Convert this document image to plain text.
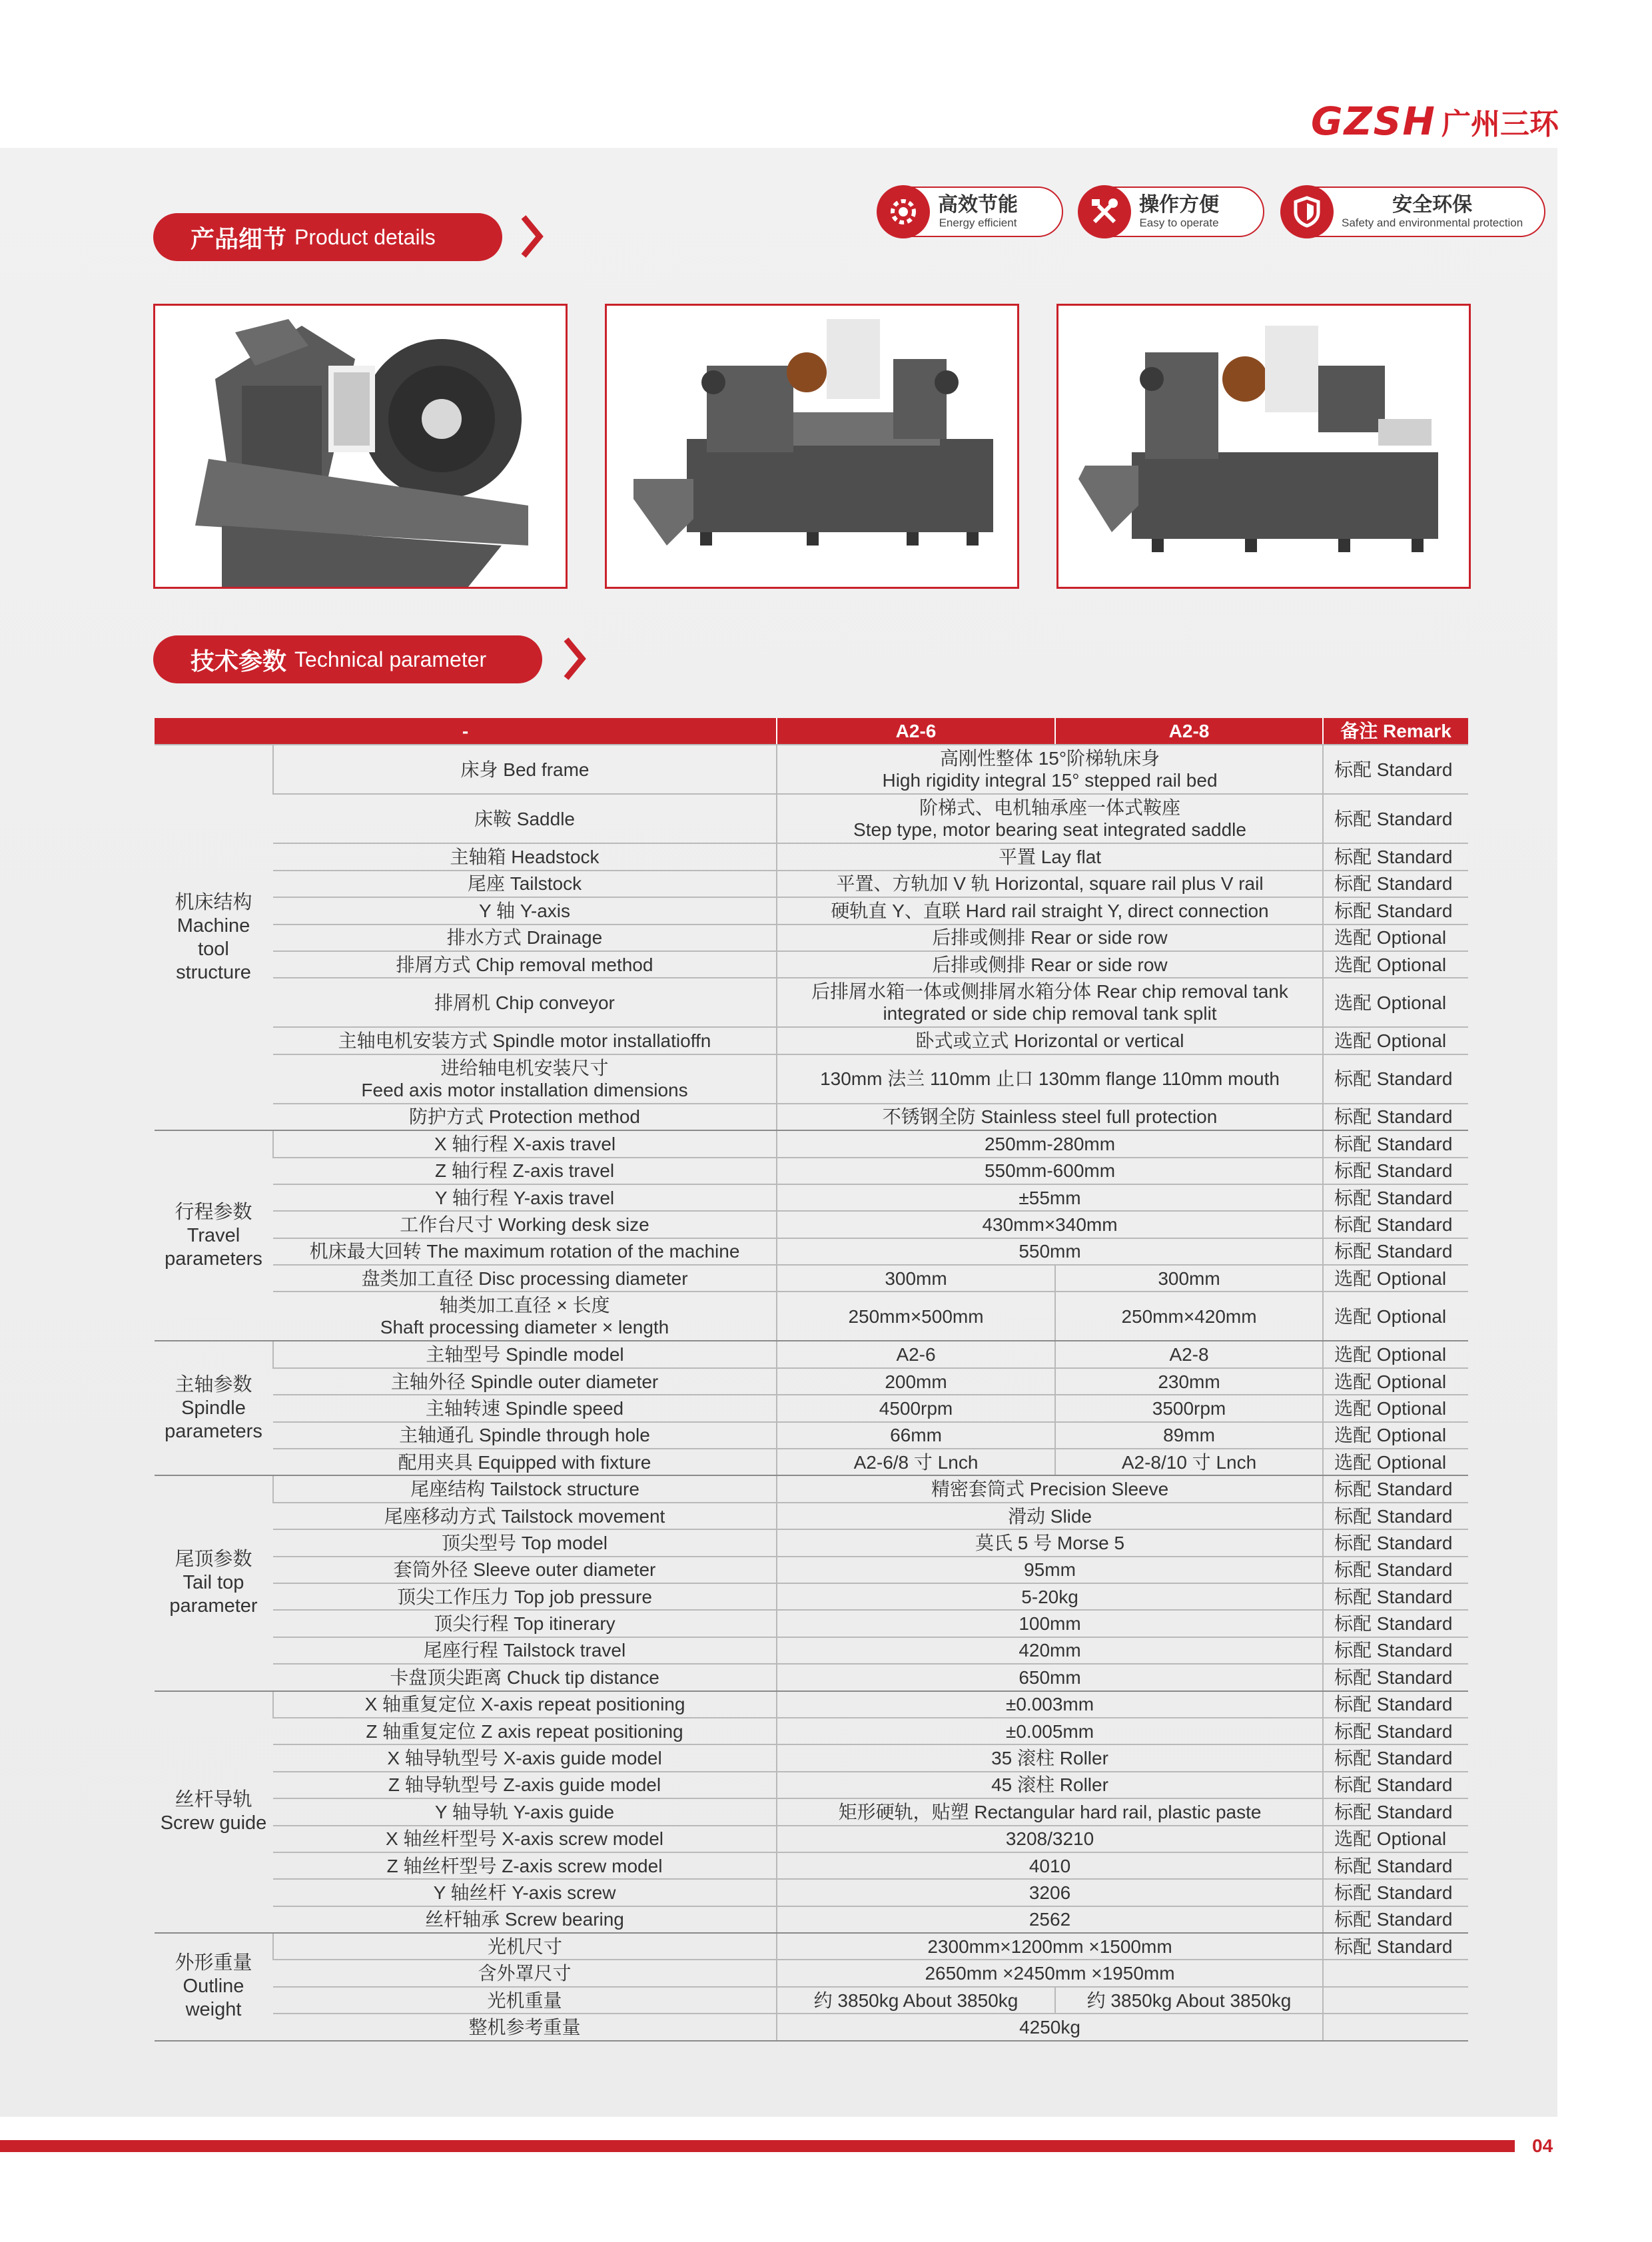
GZSH 广州三环
高效节能
Energy efficient
操作方便
Easy to operate
安全环保
Safety and environmental protection
产品细节 Product details
技术参数 Technical parameter
-		A2-6	A2-8	备注 Remark
机床结构
Machine
tool
structure	床身 Bed frame	高刚性整体 15°阶梯轨床身
High rigidity integral 15° stepped rail bed		标配 Standard
	床鞍 Saddle	阶梯式、电机轴承座一体式鞍座
Step type, motor bearing seat integrated saddle		标配 Standard
	主轴箱 Headstock	平置 Lay flat		标配 Standard
	尾座 Tailstock	平置、方轨加 V 轨 Horizontal, square rail plus V rail		标配 Standard
	Y 轴 Y-axis	硬轨直 Y、直联 Hard rail straight Y, direct connection		标配 Standard
	排水方式 Drainage	后排或侧排 Rear or side row		选配 Optional
	排屑方式 Chip removal method	后排或侧排 Rear or side row		选配 Optional
	排屑机 Chip conveyor	后排屑水箱一体或侧排屑水箱分体 Rear chip removal tank
integrated or side chip removal tank split		选配 Optional
	主轴电机安装方式 Spindle motor installatioffn	卧式或立式 Horizontal or vertical		选配 Optional
	进给轴电机安装尺寸
Feed axis motor installation dimensions	130mm 法兰 110mm 止口 130mm flange 110mm mouth		标配 Standard
	防护方式 Protection method	不锈钢全防 Stainless steel full protection		标配 Standard
行程参数
Travel
parameters	X 轴行程 X-axis travel	250mm-280mm		标配 Standard
	Z 轴行程 Z-axis travel	550mm-600mm		标配 Standard
	Y 轴行程 Y-axis travel	±55mm		标配 Standard
	工作台尺寸 Working desk size	430mm×340mm		标配 Standard
	机床最大回转 The maximum rotation of the machine	550mm		标配 Standard
	盘类加工直径 Disc processing diameter	300mm	300mm	选配 Optional
	轴类加工直径 × 长度
Shaft processing diameter × length	250mm×500mm	250mm×420mm	选配 Optional
主轴参数
Spindle
parameters	主轴型号 Spindle model	A2-6	A2-8	选配 Optional
	主轴外径 Spindle outer diameter	200mm	230mm	选配 Optional
	主轴转速 Spindle speed	4500rpm	3500rpm	选配 Optional
	主轴通孔 Spindle through hole	66mm	89mm	选配 Optional
	配用夹具 Equipped with fixture	A2-6/8 寸 Lnch	A2-8/10 寸 Lnch	选配 Optional
尾顶参数
Tail top
parameter	尾座结构 Tailstock structure	精密套筒式 Precision Sleeve		标配 Standard
	尾座移动方式 Tailstock movement	滑动 Slide		标配 Standard
	顶尖型号 Top model	莫氏 5 号 Morse 5		标配 Standard
	套筒外径 Sleeve outer diameter	95mm		标配 Standard
	顶尖工作压力 Top job pressure	5-20kg		标配 Standard
	顶尖行程 Top itinerary	100mm		标配 Standard
	尾座行程 Tailstock travel	420mm		标配 Standard
	卡盘顶尖距离 Chuck tip distance	650mm		标配 Standard
丝杆导轨
Screw guide	X 轴重复定位 X-axis repeat positioning	±0.003mm		标配 Standard
	Z 轴重复定位 Z axis repeat positioning	±0.005mm		标配 Standard
	X 轴导轨型号 X-axis guide model	35 滚柱 Roller		标配 Standard
	Z 轴导轨型号 Z-axis guide model	45 滚柱 Roller		标配 Standard
	Y 轴导轨 Y-axis guide	矩形硬轨，贴塑 Rectangular hard rail, plastic paste		标配 Standard
	X 轴丝杆型号 X-axis screw model	3208/3210		选配 Optional
	Z 轴丝杆型号 Z-axis screw model	4010		标配 Standard
	Y 轴丝杆 Y-axis screw	3206		标配 Standard
	丝杆轴承 Screw bearing	2562		标配 Standard
外形重量
Outline
weight	光机尺寸	2300mm×1200mm ×1500mm		标配 Standard
	含外罩尺寸	2650mm ×2450mm ×1950mm		
	光机重量	约 3850kg About 3850kg	约 3850kg About 3850kg	
	整机参考重量	4250kg		
04
